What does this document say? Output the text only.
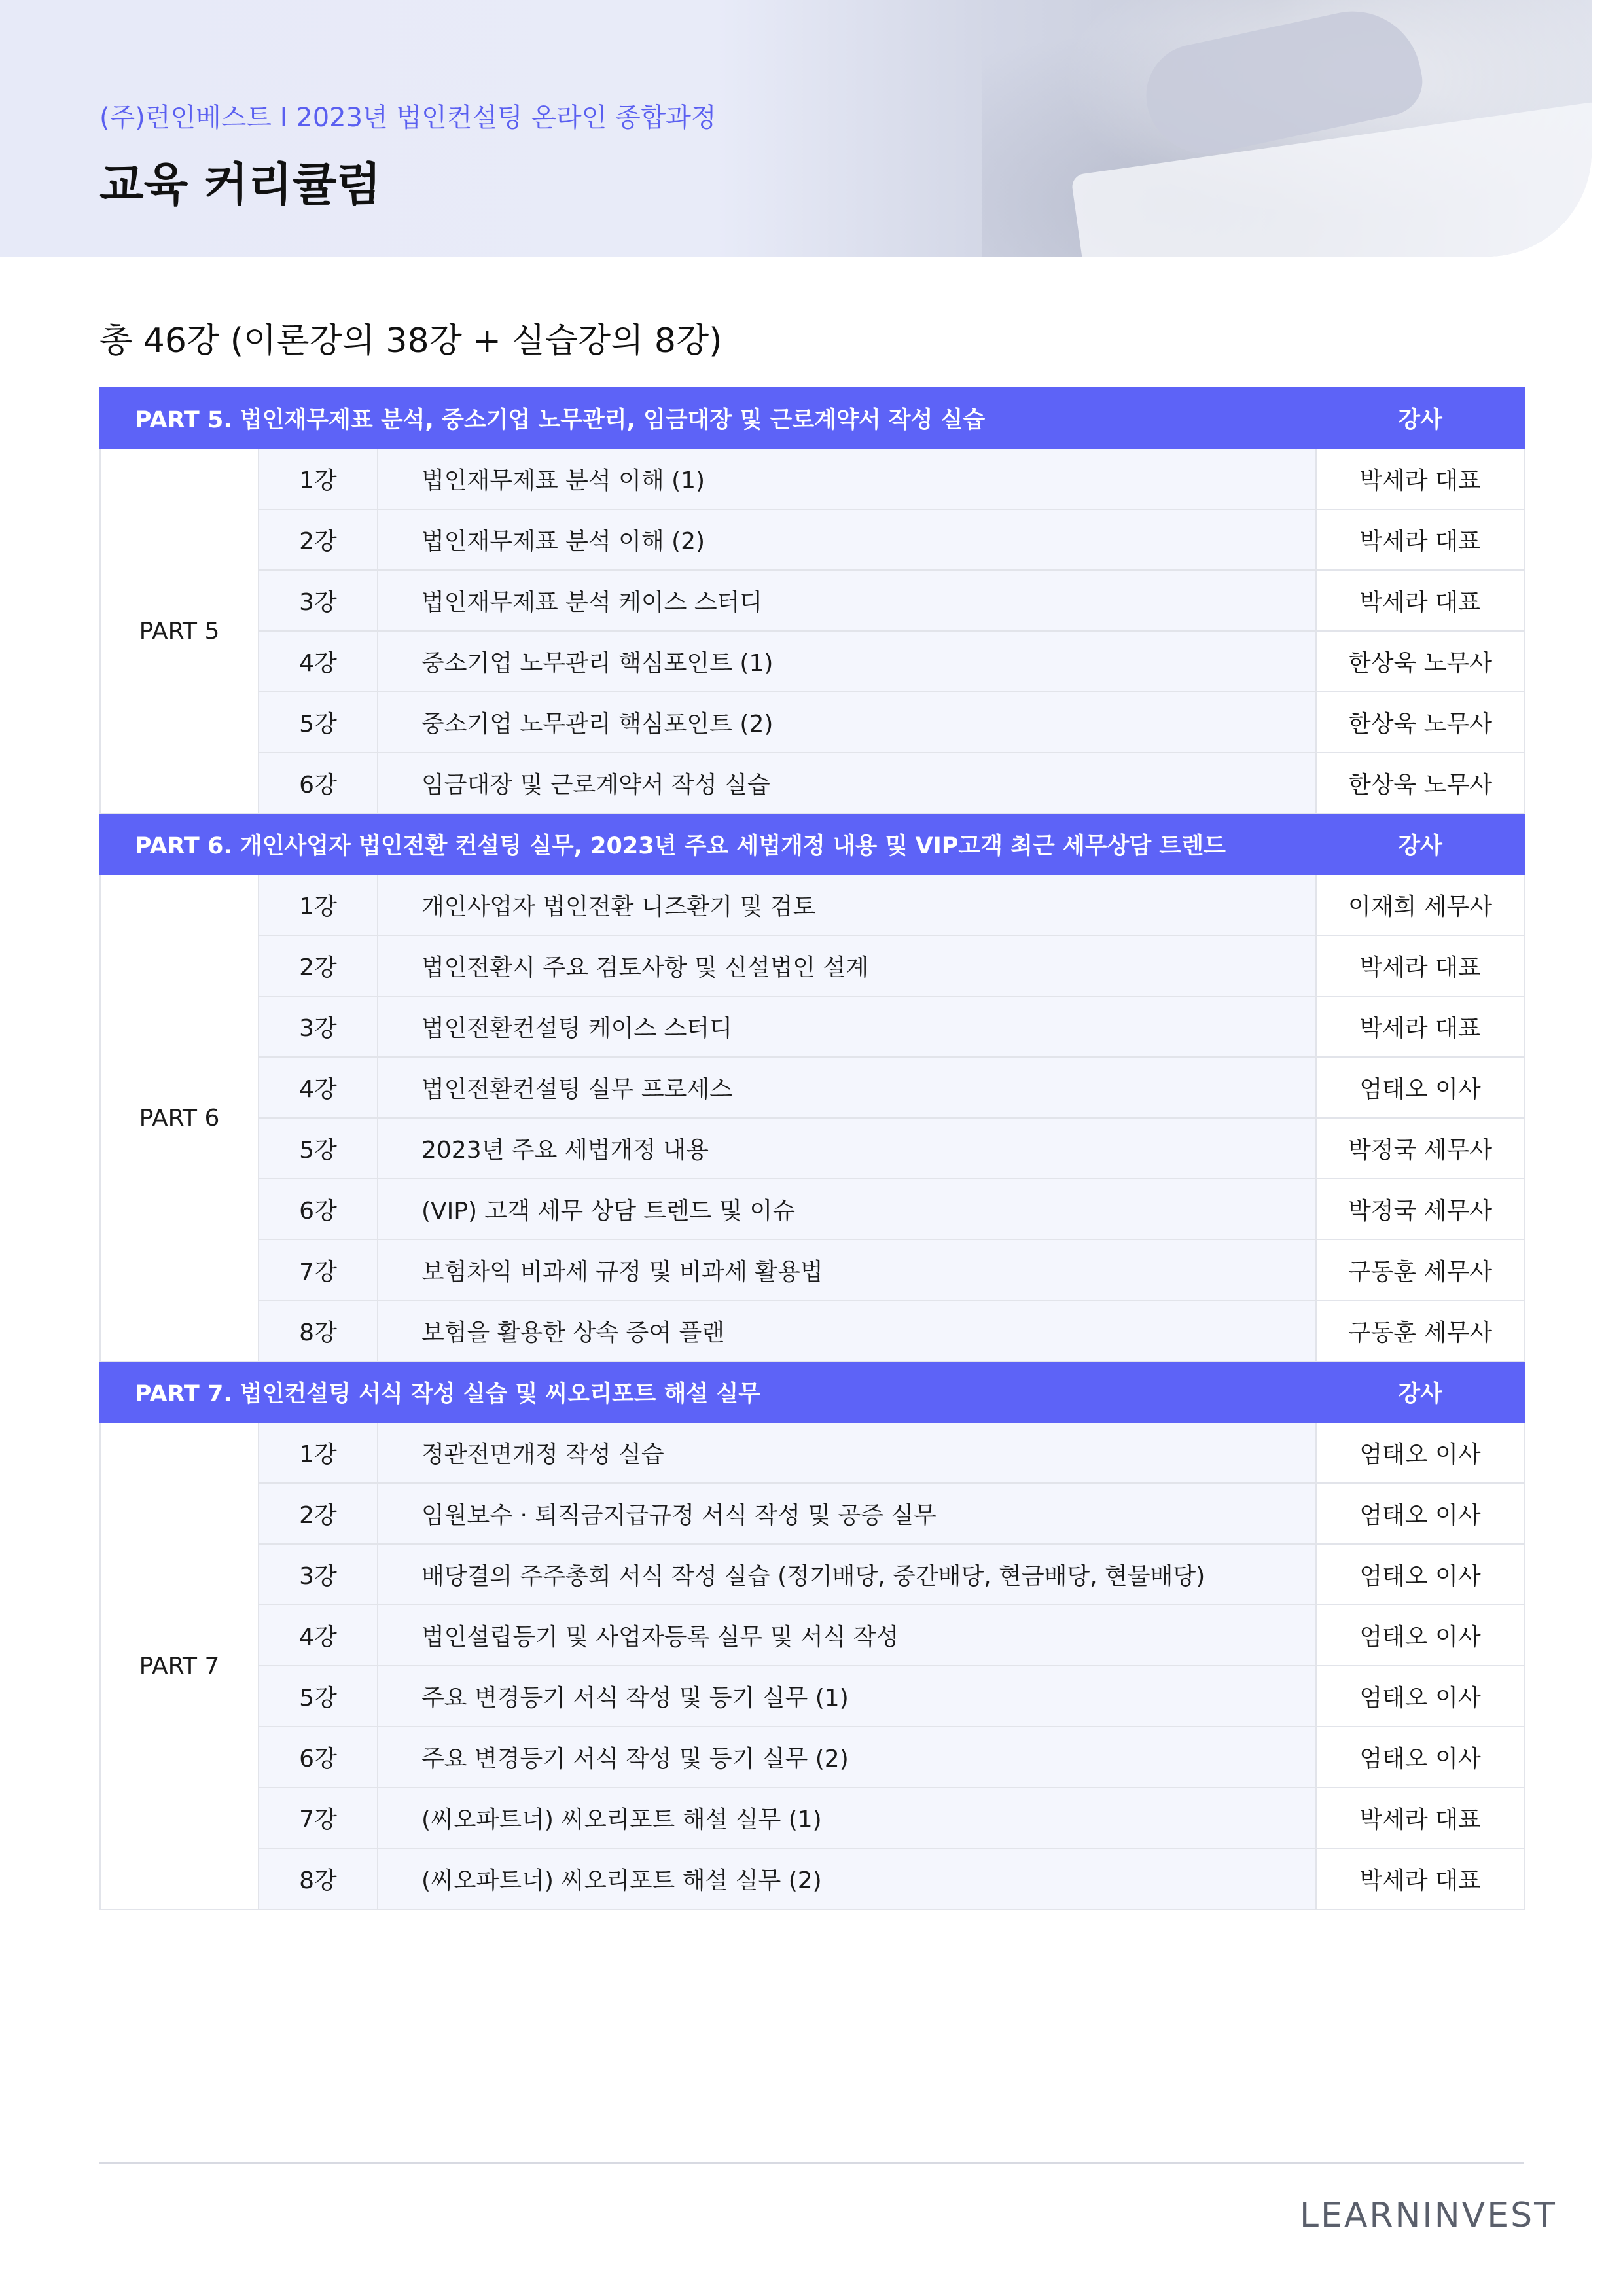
(주)런인베스트 I 2023년 법인컨설팅 온라인 종합과정
교육 커리큘럼
총 46강 (이론강의 38강 + 실습강의 8강)
PART 5. 법인재무제표 분석, 중소기업 노무관리, 임금대장 및 근로계약서 작성 실습			강사
PART 5	1강	법인재무제표 분석 이해 (1)	박세라 대표
	2강	법인재무제표 분석 이해 (2)	박세라 대표
	3강	법인재무제표 분석 케이스 스터디	박세라 대표
	4강	중소기업 노무관리 핵심포인트 (1)	한상욱 노무사
	5강	중소기업 노무관리 핵심포인트 (2)	한상욱 노무사
	6강	임금대장 및 근로계약서 작성 실습	한상욱 노무사
PART 6. 개인사업자 법인전환 컨설팅 실무, 2023년 주요 세법개정 내용 및 VIP고객 최근 세무상담 트렌드			강사
PART 6	1강	개인사업자 법인전환 니즈환기 및 검토	이재희 세무사
	2강	법인전환시 주요 검토사항 및 신설법인 설계	박세라 대표
	3강	법인전환컨설팅 케이스 스터디	박세라 대표
	4강	법인전환컨설팅 실무 프로세스	엄태오 이사
	5강	2023년 주요 세법개정 내용	박정국 세무사
	6강	(VIP) 고객 세무 상담 트렌드 및 이슈	박정국 세무사
	7강	보험차익 비과세 규정 및 비과세 활용법	구동훈 세무사
	8강	보험을 활용한 상속 증여 플랜	구동훈 세무사
PART 7. 법인컨설팅 서식 작성 실습 및 씨오리포트 해설 실무			강사
PART 7	1강	정관전면개정 작성 실습	엄태오 이사
	2강	임원보수 · 퇴직금지급규정 서식 작성 및 공증 실무	엄태오 이사
	3강	배당결의 주주총회 서식 작성 실습 (정기배당, 중간배당, 현금배당, 현물배당)	엄태오 이사
	4강	법인설립등기 및 사업자등록 실무 및 서식 작성	엄태오 이사
	5강	주요 변경등기 서식 작성 및 등기 실무 (1)	엄태오 이사
	6강	주요 변경등기 서식 작성 및 등기 실무 (2)	엄태오 이사
	7강	(씨오파트너) 씨오리포트 해설 실무 (1)	박세라 대표
	8강	(씨오파트너) 씨오리포트 해설 실무 (2)	박세라 대표
LEARNINVEST
